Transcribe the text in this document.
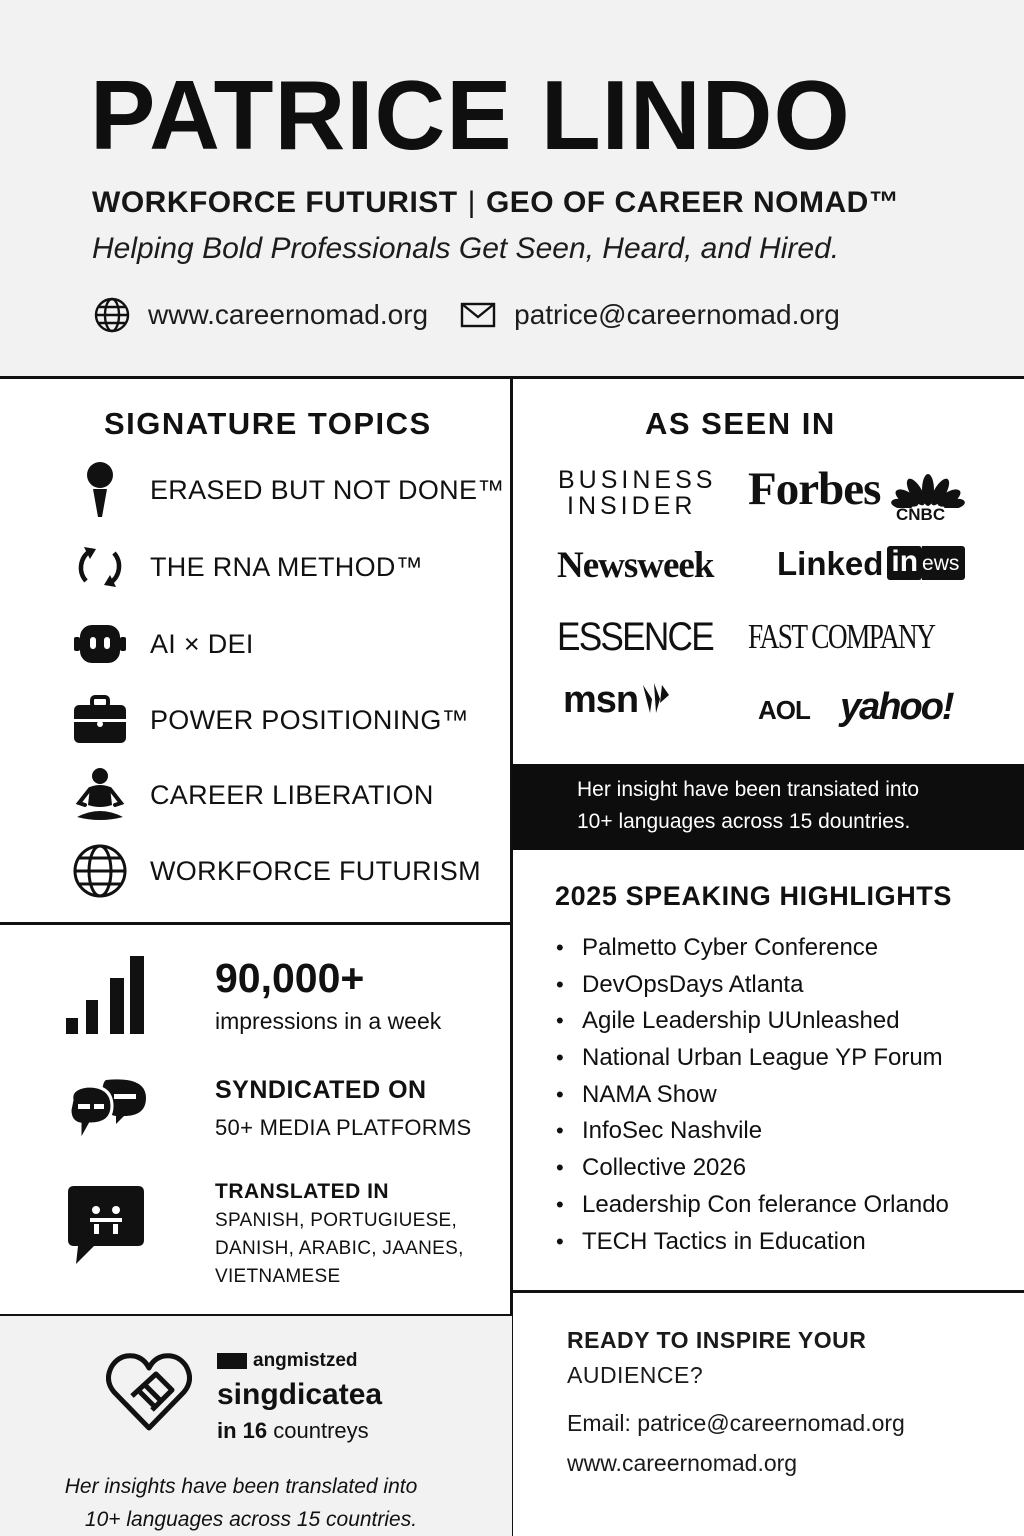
PATRICE LINDO
WORKFORCE FUTURIST | GEO OF CAREER NOMAD™
Helping Bold Professionals Get Seen, Heard, and Hired.
www.careernomad.org	patrice@careernomad.org
SIGNATURE TOPICS
ERASED BUT NOT DONE™
THE RNA METHOD™
AI × DEI
POWER POSITIONING™
CAREER LIBERATION
WORKFORCE FUTURISM
AS SEEN IN
BUSINESS
INSIDER	Forbes CNBC
Newsweek Linked in ews
ESSENCE FAST COMPANY
msn	AOL yahoo!
Her insight have been transiated into
10+ languages across 15 dountries.
2025 SPEAKING HIGHLIGHTS
• Palmetto Cyber Conference
• DevOpsDays Atlanta
• Agile Leadership UUnleashed
• National Urban League YP Forum
• NAMA Show
• InfoSec Nashvile
• Collective 2026
• Leadership Con feleranсe Orlando
• TECH Tactics in Education
90,000+
impressions in a week
SYNDICATED ON
50+ MEDIA PLATFORMS
TRANSLATED IN
SPANISH, PORTUGIUESE,
DANISH, ARABIC, JAANES,
VIETNAMESE
angmistzed
singdicatea
in 16 countreys
Her insights have been translated into
10+ languages across 15 countries.
READY TO INSPIRE YOUR
AUDIENCE?
Email: patrice@careernomad.org
www.careernomad.org
